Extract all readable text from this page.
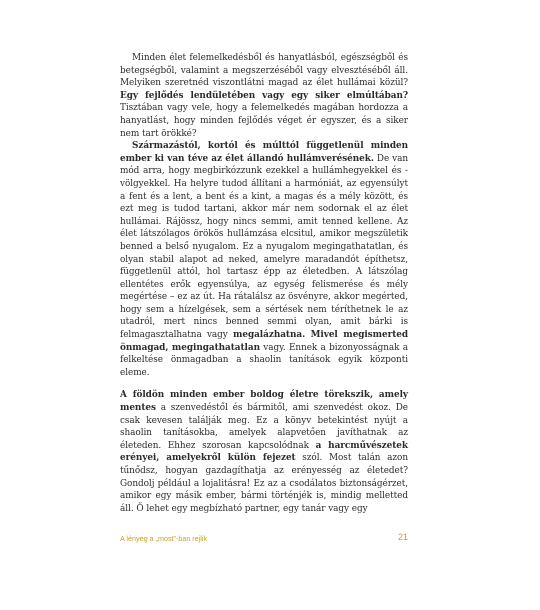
Minden élet felemelkedésből és hanyatlásból, egészségből és betegségből, valamint a megszerzéséből vagy elvesztéséből áll. Melyiken szeretnéd viszontlátni magad az élet hullámai közül? Egy fejlődés lendületében vagy egy siker elmúltában? Tisztában vagy vele, hogy a felemelkedés magában hordozza a hanyatlást, hogy minden fejlődés véget ér egyszer, és a siker nem tart örökké?

Származástól, kortól és múlttól függetlenül minden ember ki van téve az élet állandó hullámverésének. De van mód arra, hogy megbirkózzunk ezekkel a hullámhegyekkel és -völgyekkel. Ha helyre tudod állítani a harmóniát, az egyensúlyt a fent és a lent, a bent és a kint, a magas és a mély között, és ezt meg is tudod tartani, akkor már nem sodornak el az élet hullámai. Rájössz, hogy nincs semmi, amit tenned kellene. Az élet látszólagos örökös hullámzása elcsitul, amikor megszületik benned a belső nyugalom. Ez a nyugalom megingathatatlan, és olyan stabil alapot ad neked, amelyre maradandót építhetsz, függetlenül attól, hol tartasz épp az életedben. A látszólag ellentétes erők egyensúlya, az egység felismerése és mély megértése – ez az út. Ha rátalálsz az ösvényre, akkor megérted, hogy sem a hízelgések, sem a sértések nem téríthetnek le az utadról, mert nincs benned semmi olyan, amit bárki is felmagasztalhatna vagy megalázhatna. Mivel megismerted önmagad, megingathatatlan vagy. Ennek a bizonyosságnak a felkeltése önmagadban a shaolin tanítások egyik központi eleme.

A földön minden ember boldog életre törekszik, amely mentes a szenvedéstől és bármitől, ami szenvedést okoz. De csak kevesen találják meg. Ez a könyv betekintést nyújt a shaolin tanításokba, amelyek alapvetően javíthatnak az életeden. Ehhez szorosan kapcsolódnak a harcművészetek erényei, amelyekről külön fejezet szól. Most talán azon tűnődsz, hogyan gazdagíthatja az erényesség az életedet? Gondolj például a lojalitásra! Ez az a csodálatos biztonságérzet, amikor egy másik ember, bármi történjék is, mindig melletted áll. Ő lehet egy megbízható partner, egy tanár vagy egy

A lényeg a „most”-ban rejlik	21
